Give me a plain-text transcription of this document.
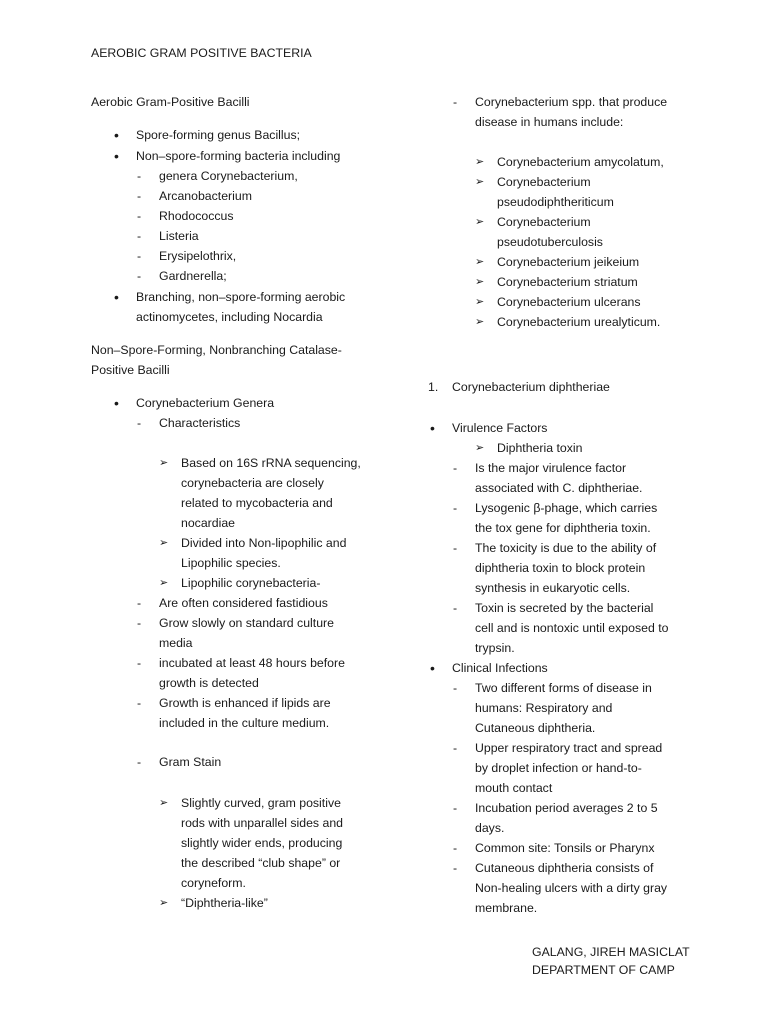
AEROBIC GRAM POSITIVE BACTERIA
Aerobic Gram-Positive Bacilli
• Spore-forming genus Bacillus;
• Non–spore-forming bacteria including
- genera Corynebacterium,
- Arcanobacterium
- Rhodococcus
- Listeria
- Erysipelothrix,
- Gardnerella;
• Branching, non–spore-forming aerobic
actinomycetes, including Nocardia
Non–Spore-Forming, Nonbranching Catalase-
Positive Bacilli
• Corynebacterium Genera
- Characteristics
➢ Based on 16S rRNA sequencing,
corynebacteria are closely
related to mycobacteria and
nocardiae
➢ Divided into Non-lipophilic and
Lipophilic species.
➢ Lipophilic corynebacteria-
- Are often considered fastidious
- Grow slowly on standard culture
media
- incubated at least 48 hours before
growth is detected
- Growth is enhanced if lipids are
included in the culture medium.
- Gram Stain
➢ Slightly curved, gram positive
rods with unparallel sides and
slightly wider ends, producing
the described “club shape” or
coryneform.
➢ “Diphtheria-like”
- Corynebacterium spp. that produce
disease in humans include:
➢ Corynebacterium amycolatum,
➢ Corynebacterium
pseudodiphtheriticum
➢ Corynebacterium
pseudotuberculosis
➢ Corynebacterium jeikeium
➢ Corynebacterium striatum
➢ Corynebacterium ulcerans
➢ Corynebacterium urealyticum.
1. Corynebacterium diphtheriae
• Virulence Factors
➢ Diphtheria toxin
- Is the major virulence factor
associated with C. diphtheriae.
- Lysogenic β-phage, which carries
the tox gene for diphtheria toxin.
- The toxicity is due to the ability of
diphtheria toxin to block protein
synthesis in eukaryotic cells.
- Toxin is secreted by the bacterial
cell and is nontoxic until exposed to
trypsin.
• Clinical Infections
- Two different forms of disease in
humans: Respiratory and
Cutaneous diphtheria.
- Upper respiratory tract and spread
by droplet infection or hand-to-
mouth contact
- Incubation period averages 2 to 5
days.
- Common site: Tonsils or Pharynx
- Cutaneous diphtheria consists of
Non-healing ulcers with a dirty gray
membrane.
GALANG, JIREH MASICLAT
DEPARTMENT OF CAMP
